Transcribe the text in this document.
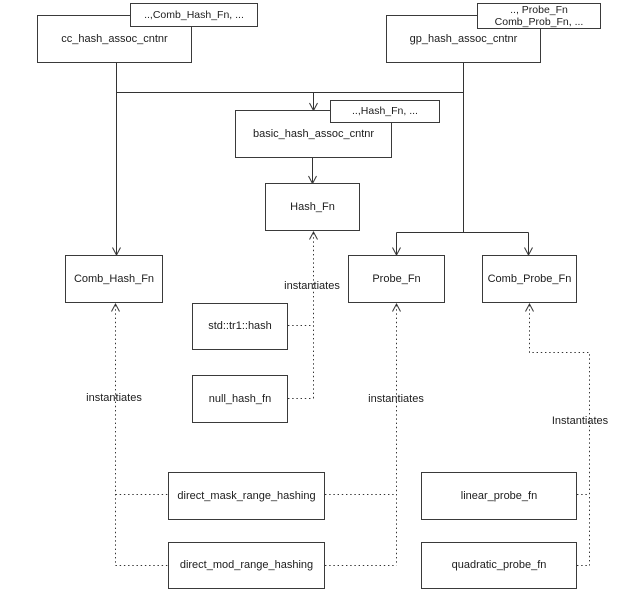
cc_hash_assoc_cntnr	gp_hash_assoc_cntnr
basic_hash_assoc_cntnr
..,Comb_Hash_Fn, ...	.., Probe_Fn
Comb_Prob_Fn, ...
..,Hash_Fn, ...
Hash_Fn
Comb_Hash_Fn	Probe_Fn	Comb_Probe_Fn
std::tr1::hash
null_hash_fn
direct_mask_range_hashing
direct_mod_range_hashing
linear_probe_fn
quadratic_probe_fn
instantiates
instantiates	instantiates
Instantiates
